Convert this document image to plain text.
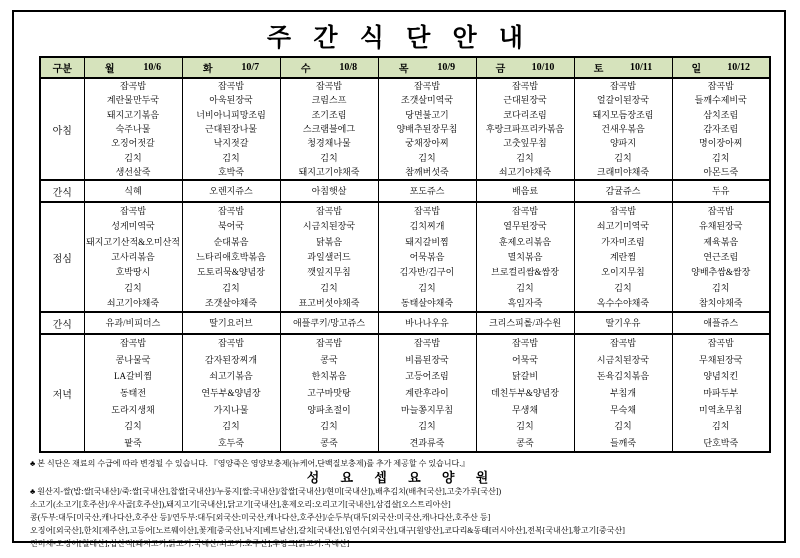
주 간 식 단 안 내
구분	월 10/6	화 10/7	수 10/8	목 10/9	금 10/10	토 10/11	일 10/12

아침	
잡곡밥
계란물만두국
돼지고기볶음
숙주나물
오징어젓갈
김치
생선살죽

잡곡밥
아욱된장국
너비아니피망조림
근대된장나물
낙지젓갈
김치
호박죽

잡곡밥
크림스프
조기조림
스크램블에그
청경채나물
김치
돼지고기야채죽

잡곡밥
조갯살미역국
당면불고기
양배추된장무침
궁채장아찌
김치
참깨버섯죽

잡곡밥
근대된장국
코다리조림
후랑크파프리카볶음
고춧잎무침
김치
쇠고기야채죽

잡곡밥
얼갈이된장국
돼지모듬장조림
건새우볶음
양파지
김치
크래미야채죽

잡곡밥
들깨수제비국
삼치조림
감자조림
명이장아찌
김치
아몬드죽

간식	식혜	오렌지쥬스	아침햇살	포도쥬스	배음료	감귤쥬스	두유

점심	
잡곡밥
성게미역국
돼지고기산적&오미산적
고사리볶음
호박땅시
김치
쇠고기야채죽

잡곡밥
북어국
순대볶음
느타리애호박볶음
도토리묵&양념장
김치
조갯살야채죽

잡곡밥
시금치된장국
닭볶음
과일샐러드
깻잎지무침
김치
표고버섯야채죽

잡곡밥
김치찌개
돼지갈비찜
어묵볶음
김자반/김구이
김치
동태살야채죽

잡곡밥
열무된장국
훈제오리볶음
멸치볶음
브로컬리쌈&쌈장
김치
흑임자죽

잡곡밥
쇠고기미역국
가자미조림
계란찜
오이지무침
김치
옥수수야채죽

잡곡밥
유채된장국
제육볶음
연근조림
양배추쌈&쌈장
김치
참치야채죽

간식	유과/비피더스	딸기요러브	애플쿠키/망고쥬스	바나나우유	크리스피롤/과수원	딸기우유	애플쥬스

저녁	
잡곡밥
콩나물국
LA갈비찜
동태전
도라지생채
김치
팥죽

잡곡밥
감자된장찌개
쇠고기볶음
연두부&양념장
가지나물
김치
호두죽

잡곡밥
콩국
한치볶음
고구마맛탕
양파초절이
김치
콩죽

잡곡밥
비름된장국
고등어조림
계란후라이
마늘쫑지무침
김치
견과류죽

잡곡밥
어묵국
닭갈비
데친두부&양념장
무생채
김치
콩죽

잡곡밥
시금치된장국
돈육김치볶음
부침개
무숙채
김치
들깨죽

잡곡밥
무채된장국
양념치킨
마파두부
미역초무침
김치
단호박죽
♣ 본 식단은 재료의 수급에 따라 변경될 수 있습니다. 『영양죽은 영양보충제(뉴케어,단백질보충제)를 추가 제공할 수 있습니다.』
성 요 셉 요 양 원
♣ 원산지-쌀(밥:쌀[국내산]/죽:쌀[국내산],찹쌀[국내산]/누룽지[쌀:국내산]/찹쌀[국내산]/현미[국내산]),배추김치(배추[국산],고춧가루[국산])
소고기(소고기[호주산]/우사골[호주산]),돼지고기[국내산],닭고기[국내산],훈제오리:오리고기[국내산],삼겹살[오스트리아산]
콩(두부:대두[미국산,캐나다산,호주산 등]/연두부:대두[외국산:미국산,캐나다산,호주산]/순두부(대두[외국산:미국산,캐나다산,호주산 등]
오징어[외국산],한치[제주산],고등어[노르웨이산],꽃게[중국산],낙지[베트남산],갈치[국내산],임연수[외국산],대구[원양산],코다리&동태[러시아산],전복[국내산],황고기[중국산]
진미채-오징어[칠레산],섭산적[돼지고기,닭고기:국내산/쇠고기:호주산],후랑크[닭고기:국내산]
